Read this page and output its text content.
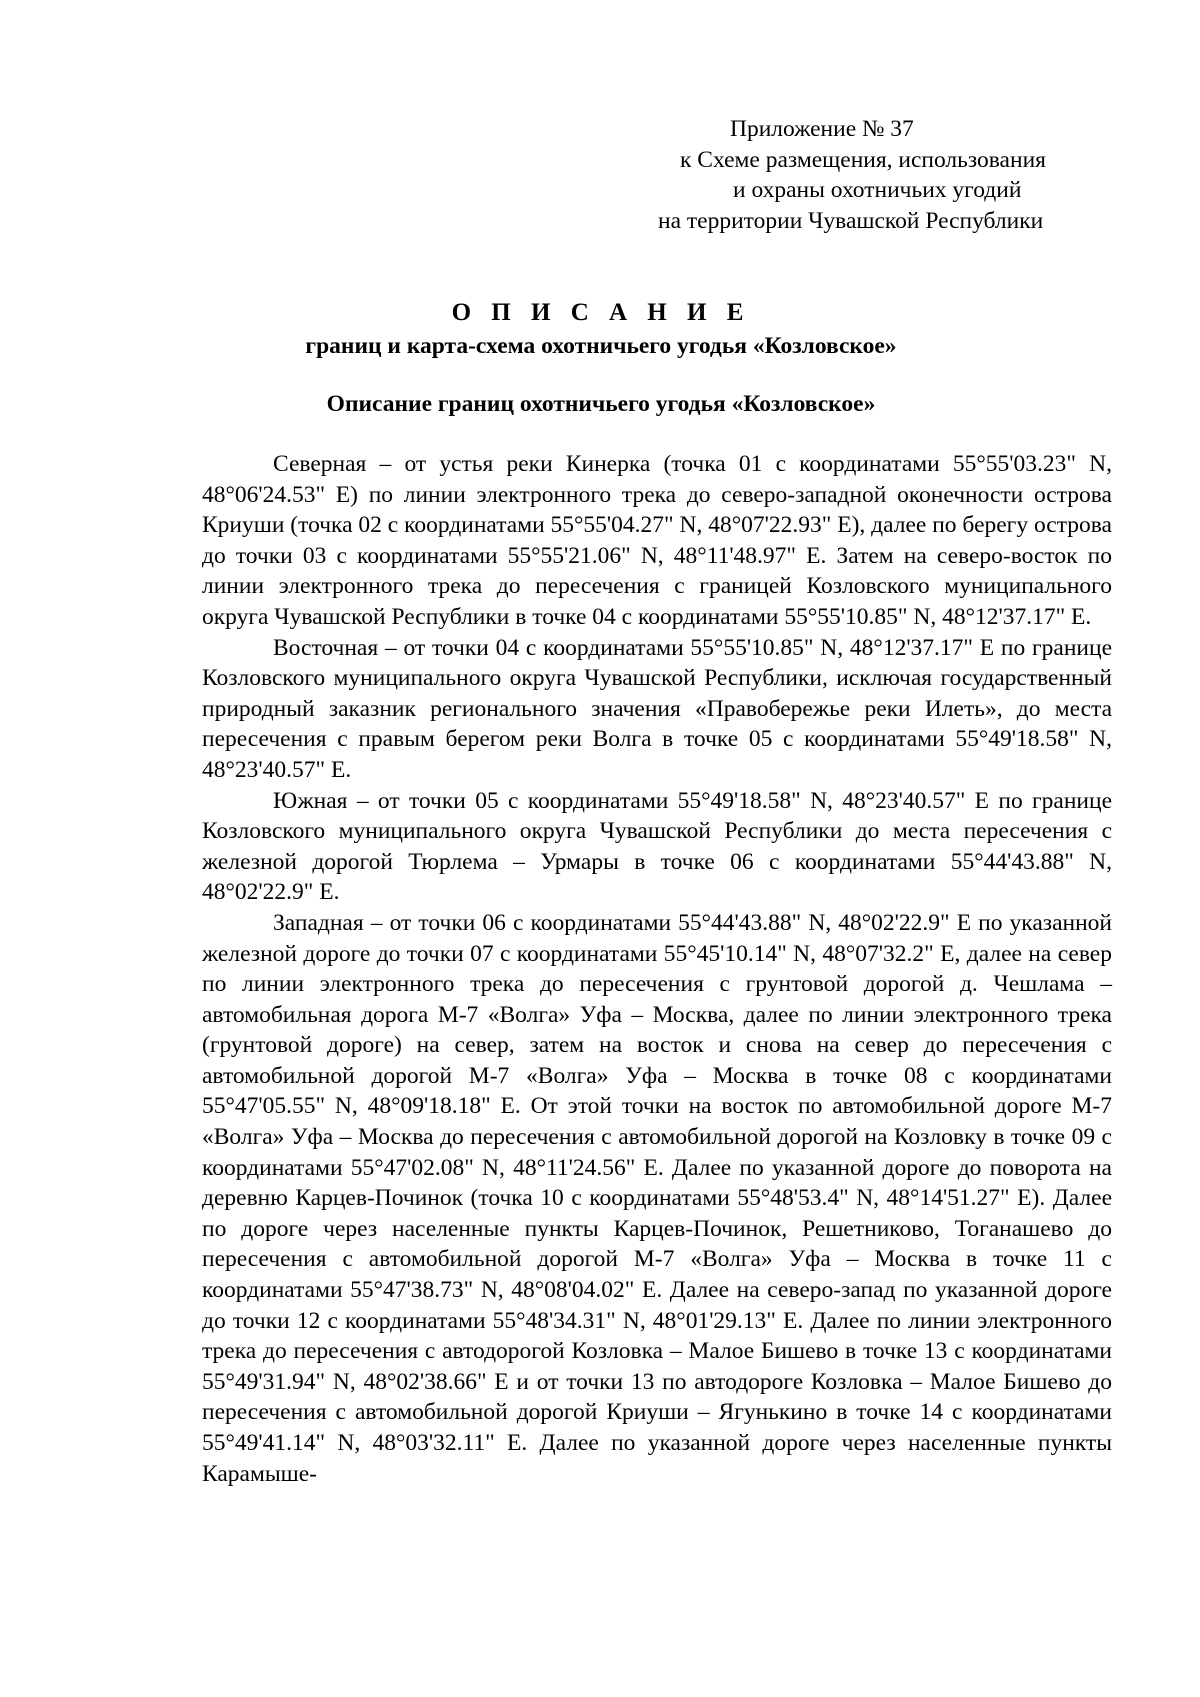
Приложение № 37
к Схеме размещения, использования
и охраны охотничьих угодий
на территории Чувашской Республики
О П И С А Н И Е
границ и карта-схема охотничьего угодья «Козловское»
Описание границ охотничьего угодья «Козловское»

Северная – от устья реки Кинерка (точка 01 с координатами 55°55'03.23" N, 48°06'24.53" E) по линии электронного трека до северо-западной оконечности острова Криуши (точка 02 с координатами 55°55'04.27" N, 48°07'22.93" E), далее по берегу острова до точки 03 с координатами 55°55'21.06" N, 48°11'48.97" E. Затем на северо-восток по линии электронного трека до пересечения с границей Козловского муниципального округа Чувашской Республики в точке 04 с координатами 55°55'10.85" N, 48°12'37.17" E.

Восточная – от точки 04 с координатами 55°55'10.85" N, 48°12'37.17" E по границе Козловского муниципального округа Чувашской Республики, исключая государственный природный заказник регионального значения «Правобережье реки Илеть», до места пересечения с правым берегом реки Волга в точке 05 с координатами 55°49'18.58" N, 48°23'40.57" E.

Южная – от точки 05 с координатами 55°49'18.58" N, 48°23'40.57" E по границе Козловского муниципального округа Чувашской Республики до места пересечения с железной дорогой Тюрлема – Урмары в точке 06 с координатами 55°44'43.88" N, 48°02'22.9" E.

Западная – от точки 06 с координатами 55°44'43.88" N, 48°02'22.9" E по указанной железной дороге до точки 07 с координатами 55°45'10.14" N, 48°07'32.2" E, далее на север по линии электронного трека до пересечения с грунтовой дорогой д. Чешлама – автомобильная дорога М-7 «Волга» Уфа – Москва, далее по линии электронного трека (грунтовой дороге) на север, затем на восток и снова на север до пересечения с автомобильной дорогой М-7 «Волга» Уфа – Москва в точке 08 с координатами 55°47'05.55" N, 48°09'18.18" E. От этой точки на восток по автомобильной дороге М-7 «Волга» Уфа – Москва до пересечения с автомобильной дорогой на Козловку в точке 09 с координатами 55°47'02.08" N, 48°11'24.56" E. Далее по указанной дороге до поворота на деревню Карцев-Починок (точка 10 с координатами 55°48'53.4" N, 48°14'51.27" E). Далее по дороге через населенные пункты Карцев-Починок, Решетниково, Тоганашево до пересечения с автомобильной дорогой М-7 «Волга» Уфа – Москва в точке 11 с координатами 55°47'38.73" N, 48°08'04.02" E. Далее на северо-запад по указанной дороге до точки 12 с координатами 55°48'34.31" N, 48°01'29.13" E. Далее по линии электронного трека до пересечения с автодорогой Козловка – Малое Бишево в точке 13 с координатами 55°49'31.94" N, 48°02'38.66" E и от точки 13 по автодороге Козловка – Малое Бишево до пересечения с автомобильной дорогой Криуши – Ягунькино в точке 14 с координатами 55°49'41.14" N, 48°03'32.11" E. Далее по указанной дороге через населенные пункты Карамыше-
